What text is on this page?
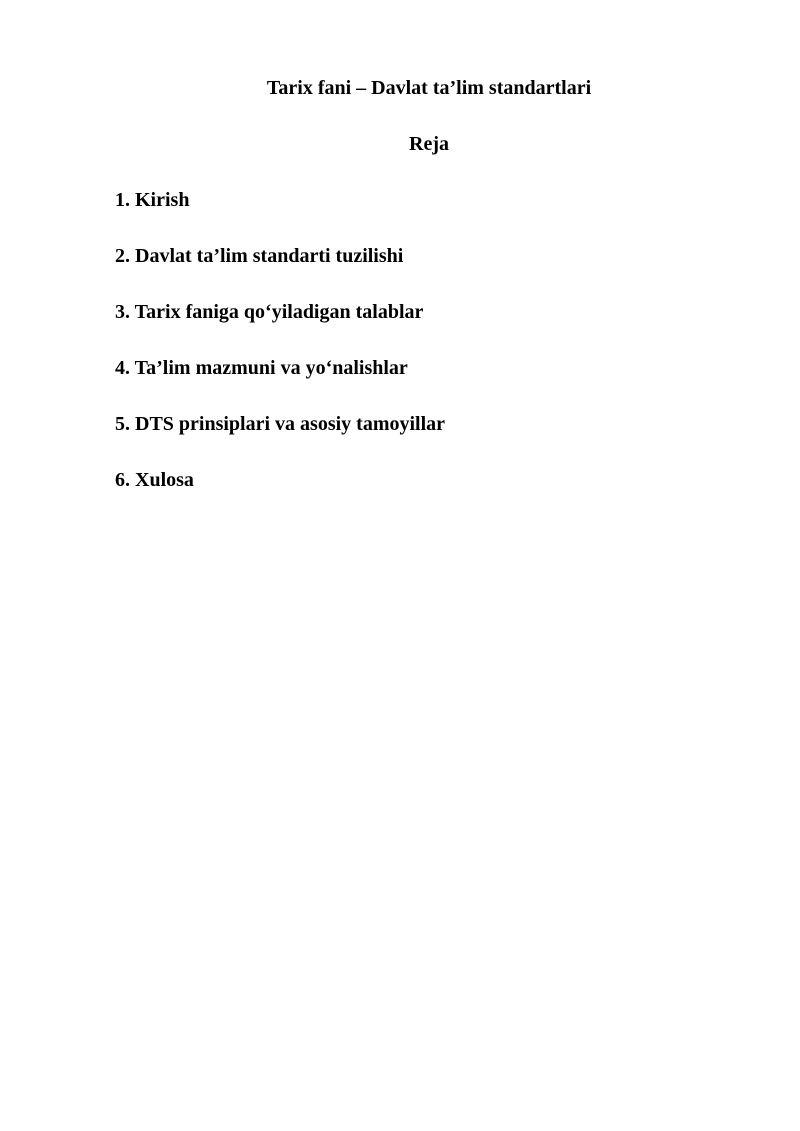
Tarix fani – Davlat ta’lim standartlari
Reja
1. Kirish
2. Davlat ta’lim standarti tuzilishi
3. Tarix faniga qo‘yiladigan talablar
4. Ta’lim mazmuni va yo‘nalishlar
5. DTS prinsiplari va asosiy tamoyillar
6. Xulosa
